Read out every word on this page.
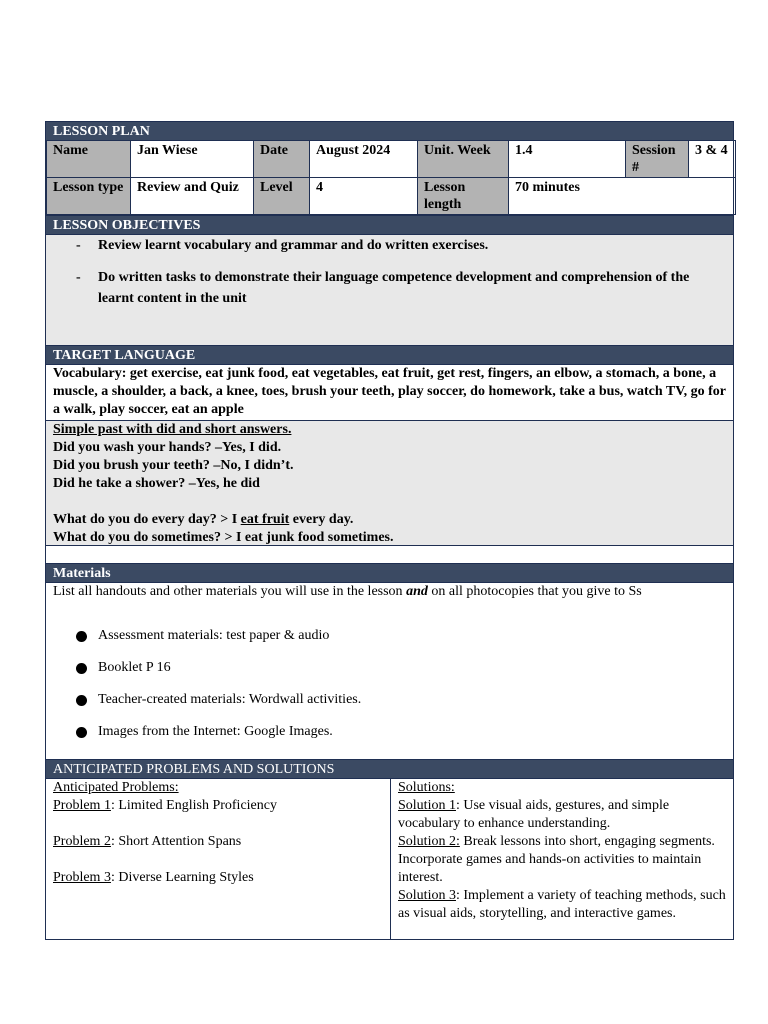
LESSON PLAN
Name	Jan Wiese	Date	August 2024	Unit. Week	1.4	Session #	3 & 4
Lesson type	Review and Quiz	Level	4	Lesson length	70 minutes		
LESSON OBJECTIVES
- Review learnt vocabulary and grammar and do written exercises.
- Do written tasks to demonstrate their language competence development and comprehension of the learnt content in the unit
TARGET LANGUAGE
Vocabulary: get exercise, eat junk food, eat vegetables, eat fruit, get rest, fingers, an elbow, a stomach, a bone, a muscle, a shoulder, a back, a knee, toes, brush your teeth, play soccer, do homework, take a bus, watch TV, go for a walk, play soccer, eat an apple
Simple past with did and short answers.
Did you wash your hands? –Yes, I did.
Did you brush your teeth? –No, I didn’t.
Did he take a shower? –Yes, he did
What do you do every day? > I eat fruit every day.
What do you do sometimes? > I eat junk food sometimes.
Materials
List all handouts and other materials you will use in the lesson and on all photocopies that you give to Ss
Assessment materials: test paper & audio
Booklet P 16
Teacher-created materials: Wordwall activities.
Images from the Internet: Google Images.
ANTICIPATED PROBLEMS AND SOLUTIONS
Anticipated Problems:
Problem 1: Limited English Proficiency
Problem 2: Short Attention Spans
Problem 3: Diverse Learning Styles
Solutions:
Solution 1: Use visual aids, gestures, and simple vocabulary to enhance understanding.
Solution 2: Break lessons into short, engaging segments. Incorporate games and hands-on activities to maintain interest.
Solution 3: Implement a variety of teaching methods, such as visual aids, storytelling, and interactive games.
